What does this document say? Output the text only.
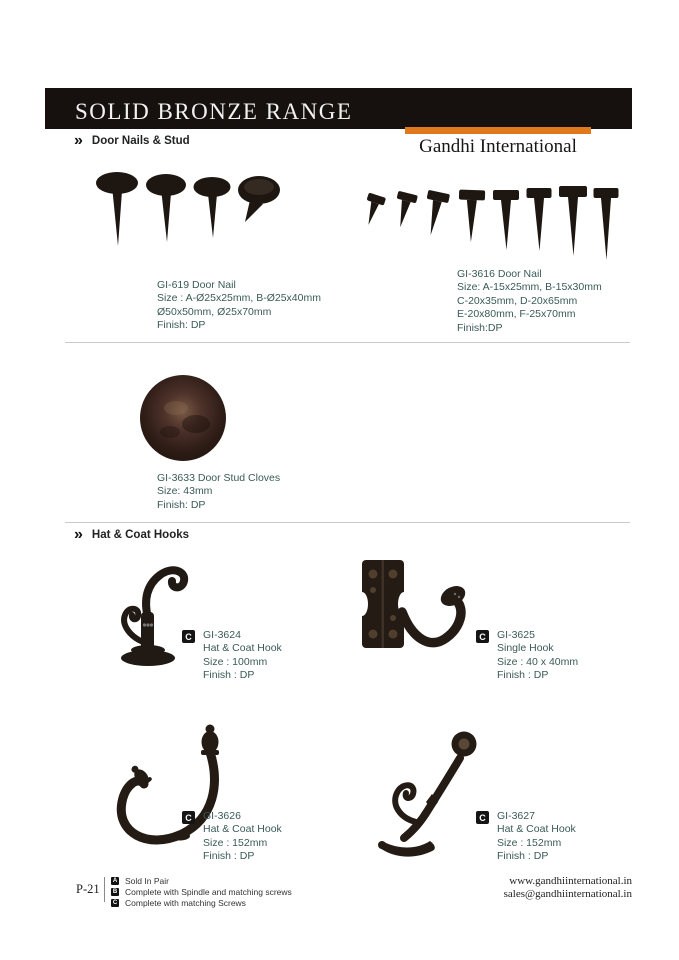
SOLID BRONZE RANGE
Gandhi International
» Door Nails & Stud
GI-619 Door Nail
Size : A-Ø25x25mm, B-Ø25x40mm
Ø50x50mm, Ø25x70mm
Finish: DP
GI-3616 Door Nail
Size: A-15x25mm, B-15x30mm
C-20x35mm, D-20x65mm
E-20x80mm, F-25x70mm
Finish:DP
GI-3633 Door Stud Cloves
Size: 43mm
Finish: DP
» Hat & Coat Hooks
C	GI-3624
Hat & Coat Hook
Size : 100mm
Finish : DP
C	GI-3625
Single Hook
Size : 40 x 40mm
Finish : DP
C	GI-3626
Hat & Coat Hook
Size : 152mm
Finish : DP
C	GI-3627
Hat & Coat Hook
Size : 152mm
Finish : DP
P-21
A Sold In Pair
B Complete with Spindle and matching screws
C Complete with matching Screws
www.gandhiinternational.in
sales@gandhiinternational.in
